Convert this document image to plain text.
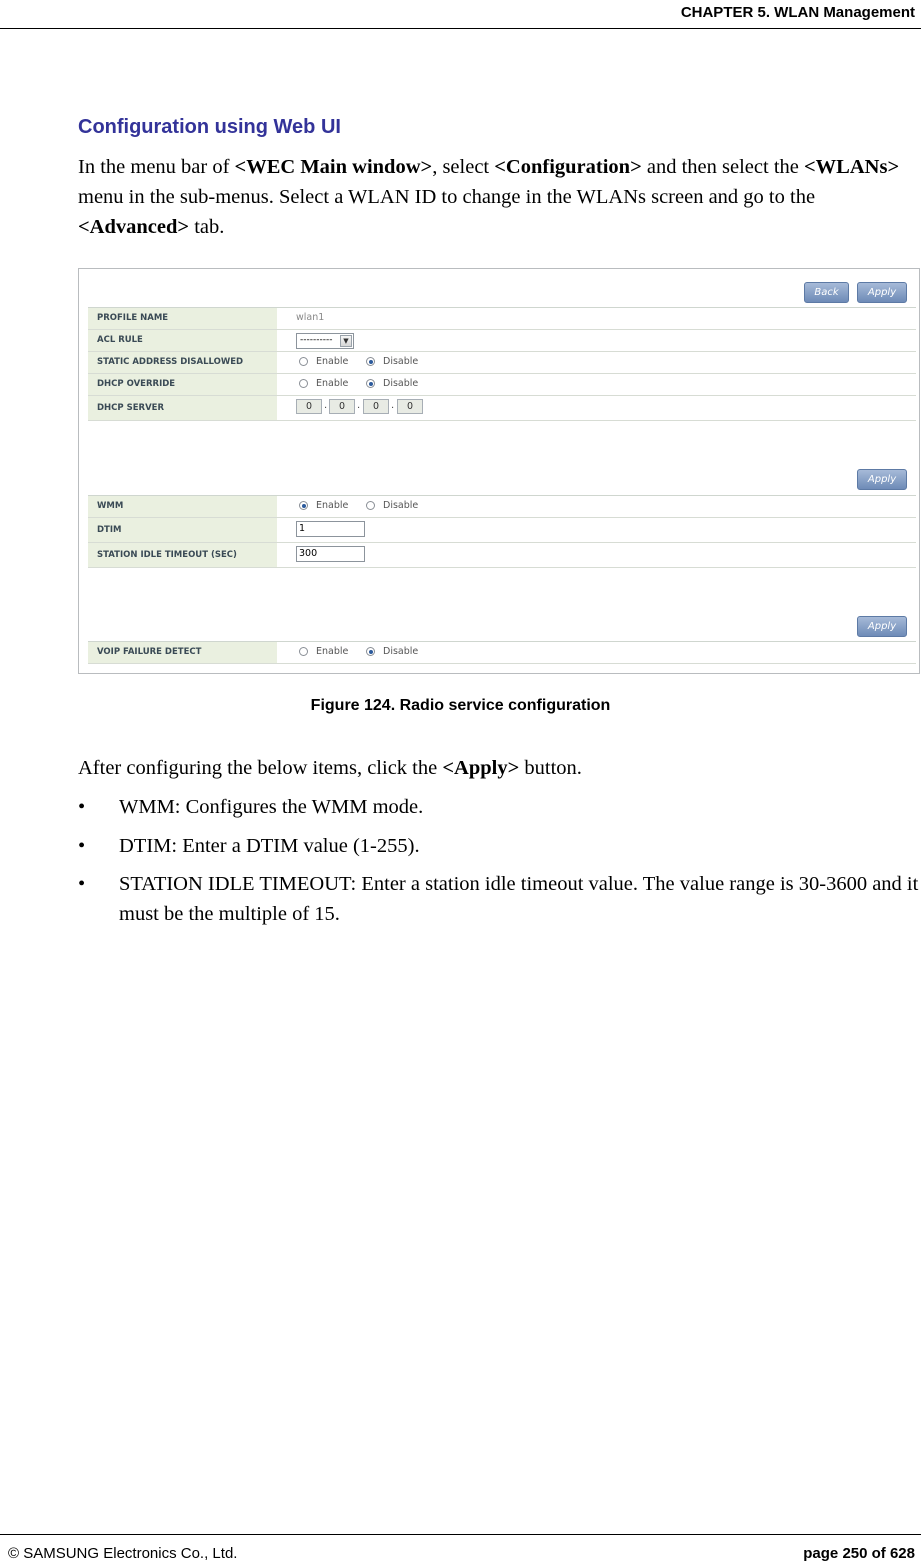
CHAPTER 5. WLAN Management
Configuration using Web UI

In the menu bar of <WEC Main window>, select <Configuration> and then select the <WLANs> menu in the sub-menus. Select a WLAN ID to change in the WLANs screen and go to the <Advanced> tab.

Back	Apply
PROFILE NAME	wlan1
ACL RULE	----------	▼
STATIC ADDRESS DISALLOWED	Enable	Disable
DHCP OVERRIDE	Enable	Disable
DHCP SERVER	0	.	0	.	0	.	0
Apply
WMM	Enable	Disable
DTIM	1
STATION IDLE TIMEOUT (SEC)	300
Apply
VOIP FAILURE DETECT	Enable	Disable
Figure 124. Radio service configuration
After configuring the below items, click the <Apply> button.
• WMM: Configures the WMM mode.
• DTIM: Enter a DTIM value (1-255).
• STATION IDLE TIMEOUT: Enter a station idle timeout value. The value range is 30-3600 and it must be the multiple of 15.
© SAMSUNG Electronics Co., Ltd.	page 250 of 628
